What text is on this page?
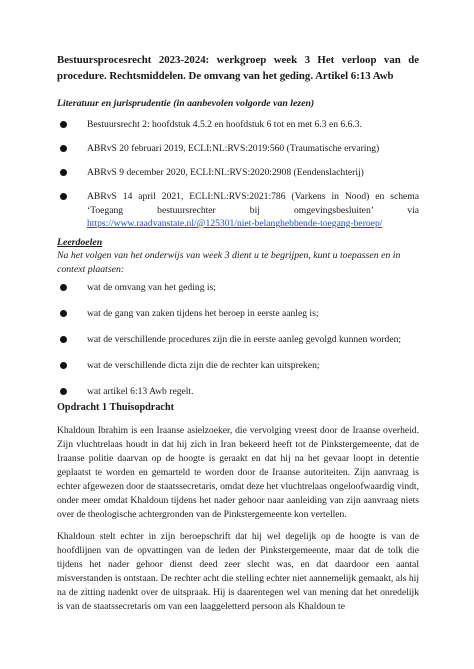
Bestuursprocesrecht 2023-2024: werkgroep week 3 Het verloop van de procedure. Rechtsmiddelen. De omvang van het geding. Artikel 6:13 Awb

Literatuur en jurisprudentie (in aanbevolen volgorde van lezen)

Bestuursrecht 2: hoofdstuk 4.5.2 en hoofdstuk 6 tot en met 6.3 en 6.6.3.
ABRvS 20 februari 2019, ECLI:NL:RVS:2019:560 (Traumatische ervaring)
ABRvS 9 december 2020, ECLI:NL:RVS:2020:2908 (Eendenslachterij)
ABRvS 14 april 2021, ECLI:NL:RVS:2021:786 (Varkens in Nood) en schema ‘Toegang bestuursrechter bij omgevingsbesluiten’ via https://www.raadvanstate.nl/@125301/niet-belanghebbende-toegang-beroep/

Leerdoelen

Na het volgen van het onderwijs van week 3 dient u te begrijpen, kunt u toepassen en in context plaatsen:

wat de omvang van het geding is;
wat de gang van zaken tijdens het beroep in eerste aanleg is;
wat de verschillende procedures zijn die in eerste aanleg gevolgd kunnen worden;
wat de verschillende dicta zijn die de rechter kan uitspreken;
wat artikel 6:13 Awb regelt.

Opdracht 1 Thuisopdracht

Khaldoun Ibrahim is een Iraanse asielzoeker, die vervolging vreest door de Iraanse overheid. Zijn vluchtrelaas houdt in dat hij zich in Iran bekeerd heeft tot de Pinkstergemeente, dat de Iraanse politie daarvan op de hoogte is geraakt en dat hij na het gevaar loopt in detentie geplaatst te worden en gemarteld te worden door de Iraanse autoriteiten. Zijn aanvraag is echter afgewezen door de staatssecretaris, omdat deze het vluchtrelaas ongeloofwaardig vindt, onder meer omdat Khaldoun tijdens het nader gehoor naar aanleiding van zijn aanvraag niets over de theologische achtergronden van de Pinkstergemeente kon vertellen.

Khaldoun stelt echter in zijn beroepschrift dat hij wel degelijk op de hoogte is van de hoofdlijnen van de opvattingen van de leden der Pinkstergemeente, maar dat de tolk die tijdens het nader gehoor dienst deed zeer slecht was, en dat daardoor een aantal misverstanden is ontstaan. De rechter acht die stelling echter niet aannemelijk gemaakt, als hij na de zitting nadenkt over de uitspraak. Hij is daarentegen wel van mening dat het onredelijk is van de staatssecretaris om van een laaggeletterd persoon als Khaldoun te
